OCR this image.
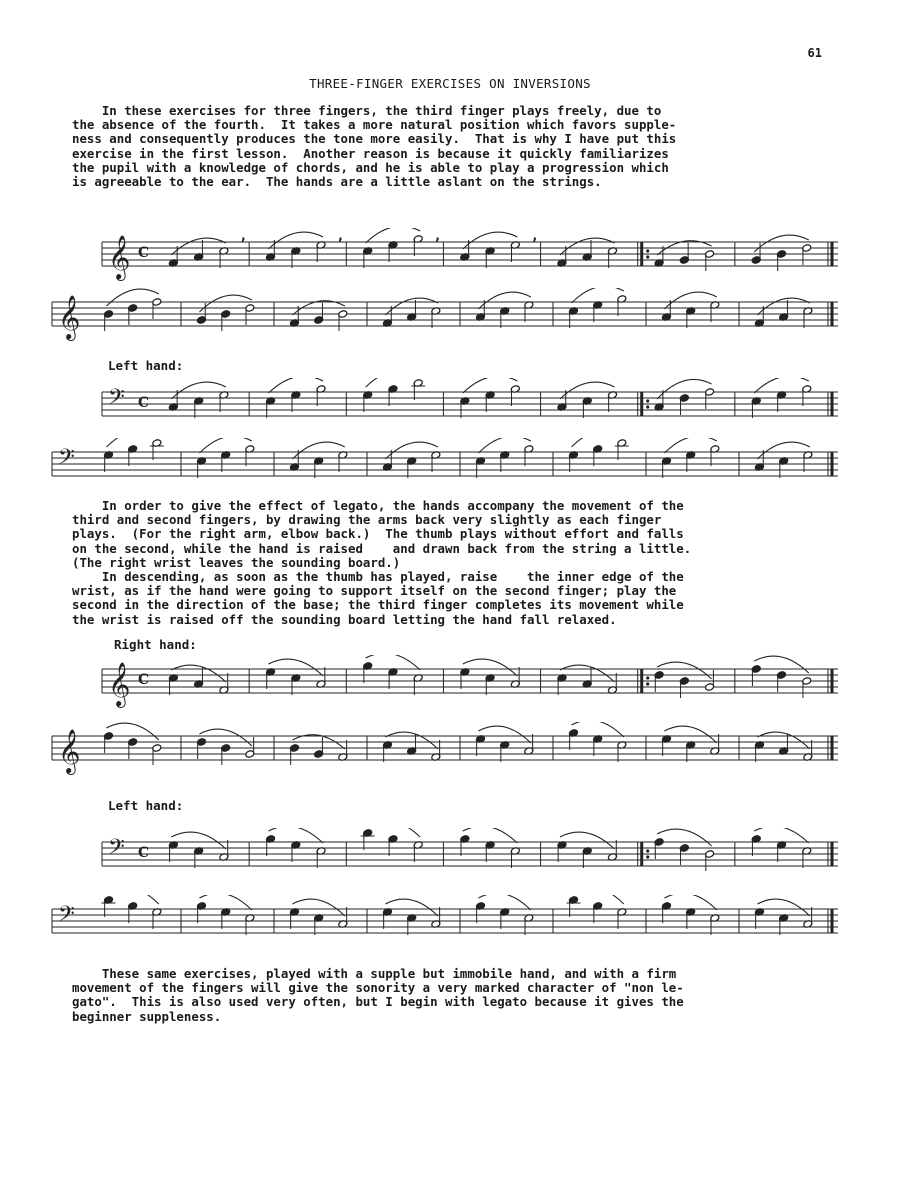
61
THREE-FINGER EXERCISES ON INVERSIONS
In these exercises for three fingers, the third finger plays freely, due to
the absence of the fourth.  It takes a more natural position which favors supple-
ness and consequently produces the tone more easily.  That is why I have put this
exercise in the first lesson.  Another reason is because it quickly familiarizes
the pupil with a knowledge of chords, and he is able to play a progression which
is agreeable to the ear.  The hands are a little aslant on the strings.
𝄞 C
,	,	,	,
𝄞
Left hand:
𝄢 C
𝄢
In order to give the effect of legato, the hands accompany the movement of the
third and second fingers, by drawing the arms back very slightly as each finger
plays.  (For the right arm, elbow back.)  The thumb plays without effort and falls
on the second, while the hand is raised    and drawn back from the string a little.
(The right wrist leaves the sounding board.)
In descending, as soon as the thumb has played, raise    the inner edge of the
wrist, as if the hand were going to support itself on the second finger; play the
second in the direction of the base; the third finger completes its movement while
the wrist is raised off the sounding board letting the hand fall relaxed.
Right hand:
𝄞 C
𝄞
Left hand:
𝄢 C
𝄢
These same exercises, played with a supple but immobile hand, and with a firm
movement of the fingers will give the sonority a very marked character of "non le-
gato".  This is also used very often, but I begin with legato because it gives the
beginner suppleness.
